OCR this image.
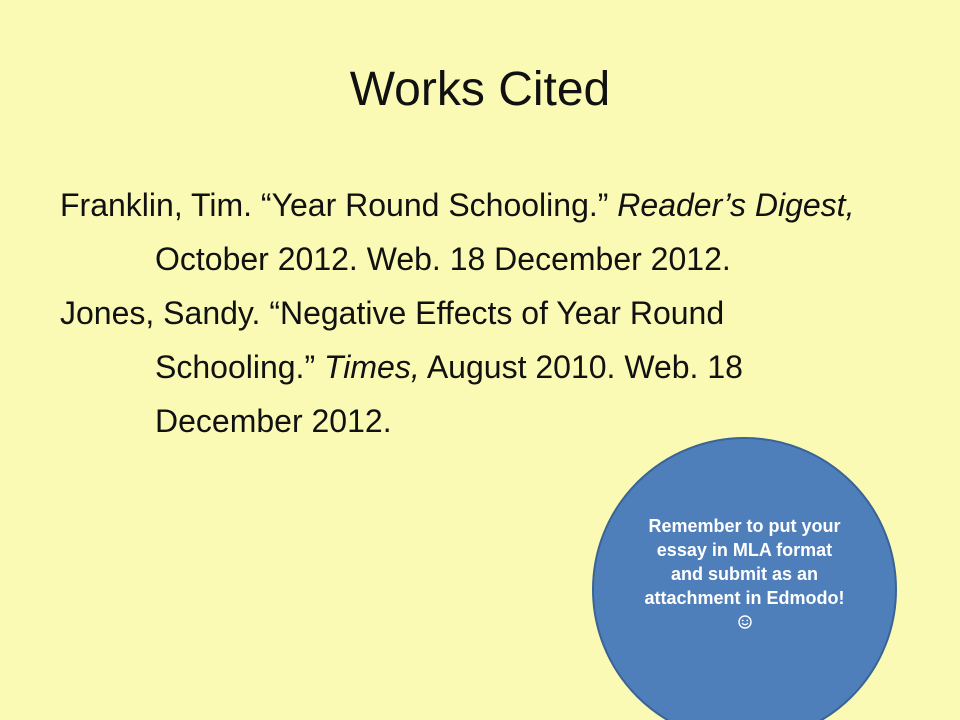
Works Cited

Franklin, Tim. “Year Round Schooling.” Reader’s Digest, October 2012. Web. 18 December 2012.

Jones, Sandy. “Negative Effects of Year Round Schooling.” Times, August 2010. Web. 18 December 2012.

Remember to put your essay in MLA format and submit as an attachment in Edmodo!
